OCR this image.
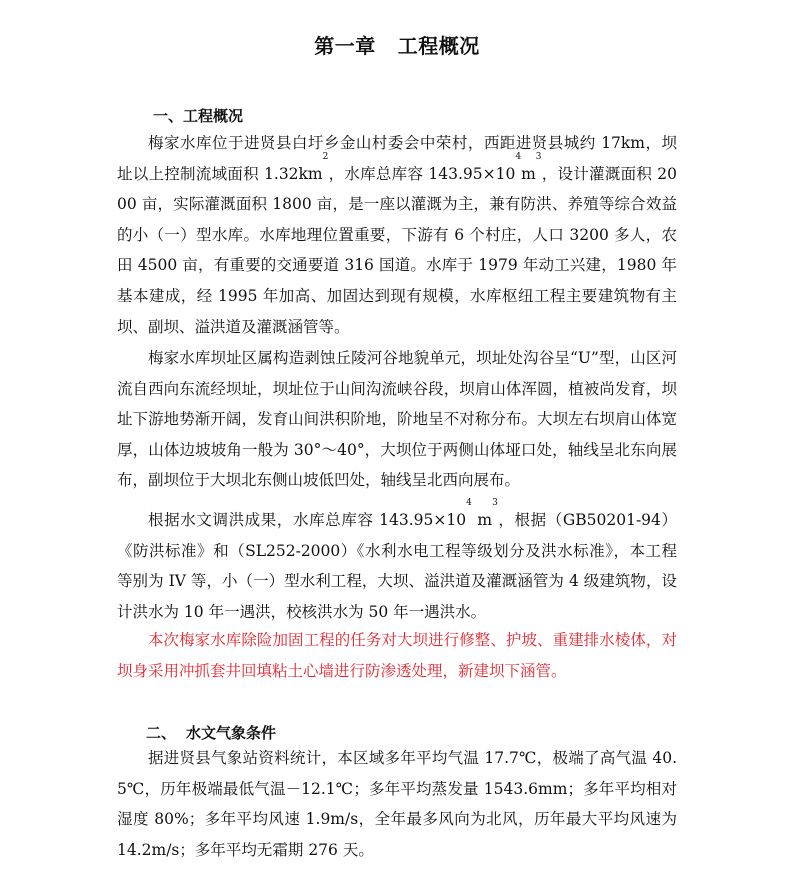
第一章 工程概况
一、工程概况

梅家水库位于进贤县白圩乡金山村委会中荣村，西距进贤县城约 17km，坝址以上控制流域面积 $1.32km^2$，水库总库容 $143.95\times 10^4m^3$，设计灌溉面积 2000 亩，实际灌溉面积 1800 亩，是一座以灌溉为主，兼有防洪、养殖等综合效益的小（一）型水库。水库地理位置重要，下游有 6 个村庄，人口 3200 多人，农田 4500 亩，有重要的交通要道 316 国道。水库于 1979 年动工兴建，1980 年基本建成，经 1995 年加高、加固达到现有规模，水库枢纽工程主要建筑物有主坝、副坝、溢洪道及灌溉涵管等。

梅家水库坝址区属构造剥蚀丘陵河谷地貌单元，坝址处沟谷呈“U”型，山区河流自西向东流经坝址，坝址位于山间沟流峡谷段，坝肩山体浑圆，植被尚发育，坝址下游地势渐开阔，发育山间洪积阶地，阶地呈不对称分布。大坝左右坝肩山体宽厚，山体边坡坡角一般为 30°～40°，大坝位于两侧山体垭口处，轴线呈北东向展布，副坝位于大坝北东侧山坡低凹处，轴线呈北西向展布。

根据水文调洪成果，水库总库容 $143.95\times 10^4$ $m^3$，根据（GB50201-94）《防洪标准》和（SL252-2000）《水利水电工程等级划分及洪水标准》，本工程等别为 IV 等，小（一）型水利工程，大坝、溢洪道及灌溉涵管为 4 级建筑物，设计洪水为 10 年一遇洪，校核洪水为 50 年一遇洪水。

本次梅家水库除险加固工程的任务对大坝进行修整、护坡、重建排水棱体，对坝身采用冲抓套井回填粘土心墙进行防渗透处理，新建坝下涵管。

二、 水文气象条件

据进贤县气象站资料统计，本区域多年平均气温 17.7℃，极端了高气温 40.5℃，历年极端最低气温－12.1℃；多年平均蒸发量 1543.6mm；多年平均相对湿度 80%；多年平均风速 1.9m/s，全年最多风向为北风，历年最大平均风速为 14.2m/s；多年平均无霜期 276 天。
